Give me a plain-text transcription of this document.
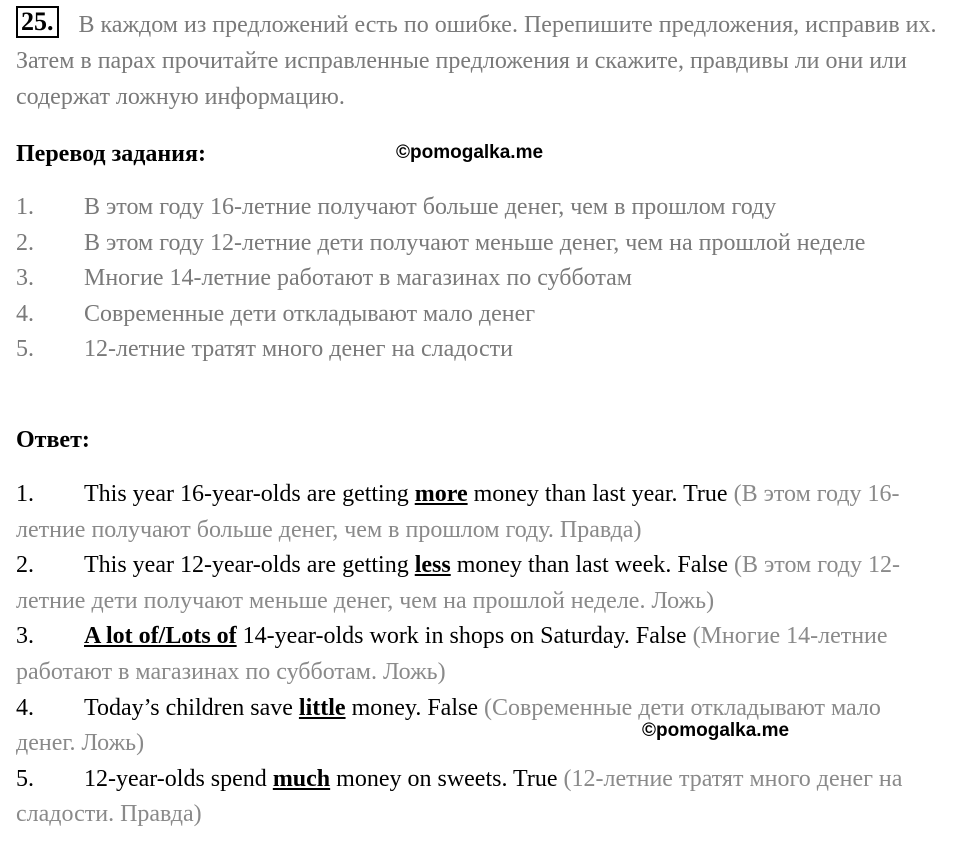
25. В каждом из предложений есть по ошибке. Перепишите предложения, исправив их. Затем в парах прочитайте исправленные предложения и скажите, правдивы ли они или содержат ложную информацию.
Перевод задания:	©pomogalka.me
1. В этом году 16-летние получают больше денег, чем в прошлом году
2. В этом году 12-летние дети получают меньше денег, чем на прошлой неделе
3. Многие 14-летние работают в магазинах по субботам
4. Современные дети откладывают мало денег
5. 12-летние тратят много денег на сладости
Ответ:
1. This year 16-year-olds are getting more money than last year. True (В этом году 16-летние получают больше денег, чем в прошлом году. Правда)
2. This year 12-year-olds are getting less money than last week. False (В этом году 12-летние дети получают меньше денег, чем на прошлой неделе. Ложь)
3. A lot of/Lots of 14-year-olds work in shops on Saturday. False (Многие 14-летние работают в магазинах по субботам. Ложь)
4. Today’s children save little money. False (Современные дети откладывают мало денег. Ложь)
5. 12-year-olds spend much money on sweets. True (12-летние тратят много денег на сладости. Правда)
©pomogalka.me
